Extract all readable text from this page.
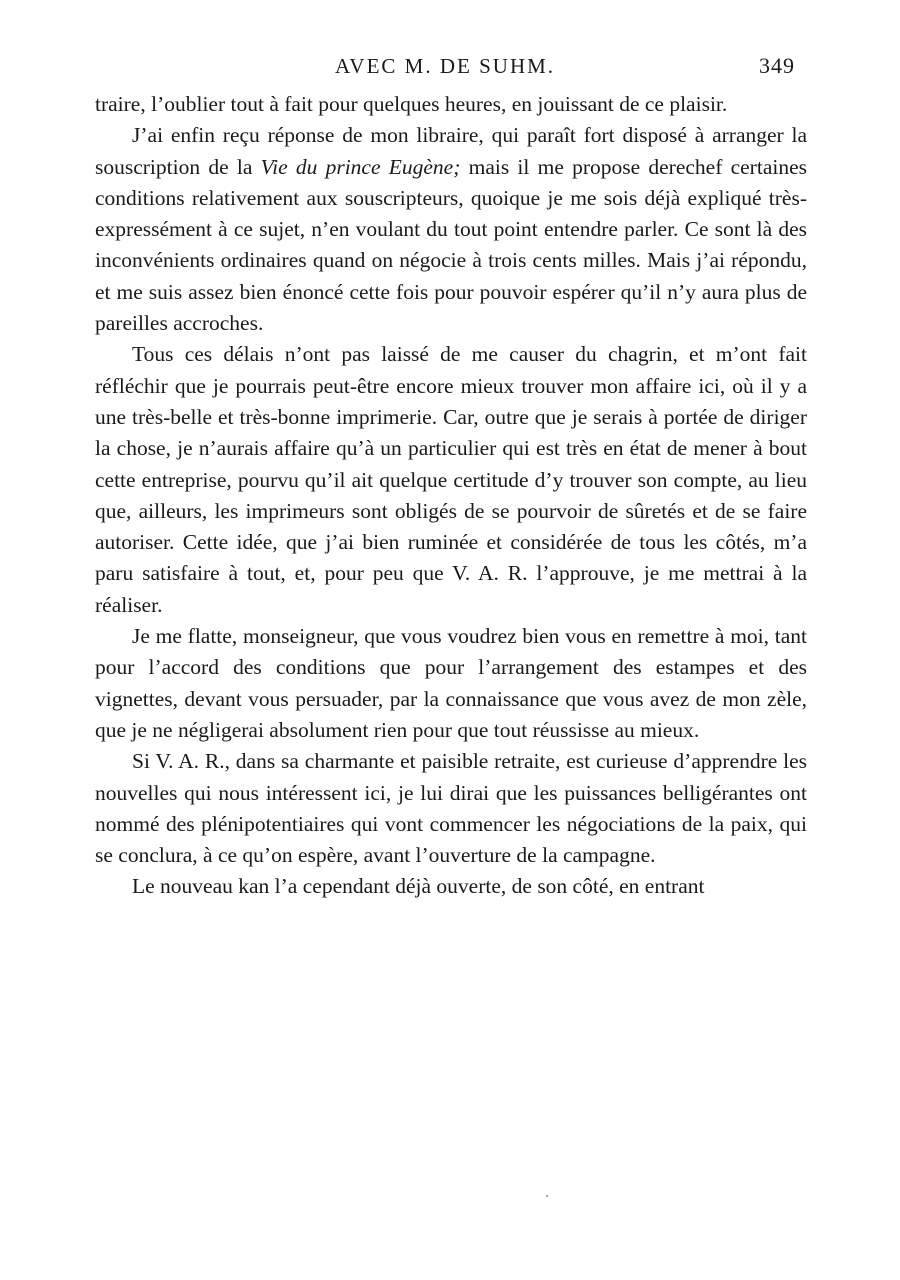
AVEC M. DE SUHM.	349

traire, l’oublier tout à fait pour quelques heures, en jouissant de ce plaisir.

J’ai enfin reçu réponse de mon libraire, qui paraît fort disposé à arranger la souscription de la Vie du prince Eugène; mais il me propose derechef certaines conditions relativement aux souscripteurs, quoique je me sois déjà expliqué très-expressément à ce sujet, n’en voulant du tout point entendre parler. Ce sont là des inconvénients ordinaires quand on négocie à trois cents milles. Mais j’ai répondu, et me suis assez bien énoncé cette fois pour pouvoir espérer qu’il n’y aura plus de pareilles accroches.

Tous ces délais n’ont pas laissé de me causer du chagrin, et m’ont fait réfléchir que je pourrais peut-être encore mieux trouver mon affaire ici, où il y a une très-belle et très-bonne imprimerie. Car, outre que je serais à portée de diriger la chose, je n’aurais affaire qu’à un particulier qui est très en état de mener à bout cette entreprise, pourvu qu’il ait quelque certitude d’y trouver son compte, au lieu que, ailleurs, les imprimeurs sont obligés de se pourvoir de sûretés et de se faire autoriser. Cette idée, que j’ai bien ruminée et considérée de tous les côtés, m’a paru satisfaire à tout, et, pour peu que V. A. R. l’approuve, je me mettrai à la réaliser.

Je me flatte, monseigneur, que vous voudrez bien vous en remettre à moi, tant pour l’accord des conditions que pour l’arrangement des estampes et des vignettes, devant vous persuader, par la connaissance que vous avez de mon zèle, que je ne négligerai absolument rien pour que tout réussisse au mieux.

Si V. A. R., dans sa charmante et paisible retraite, est curieuse d’apprendre les nouvelles qui nous intéressent ici, je lui dirai que les puissances belligérantes ont nommé des plénipotentiaires qui vont commencer les négociations de la paix, qui se conclura, à ce qu’on espère, avant l’ouverture de la campagne.

Le nouveau kan l’a cependant déjà ouverte, de son côté, en entrant
